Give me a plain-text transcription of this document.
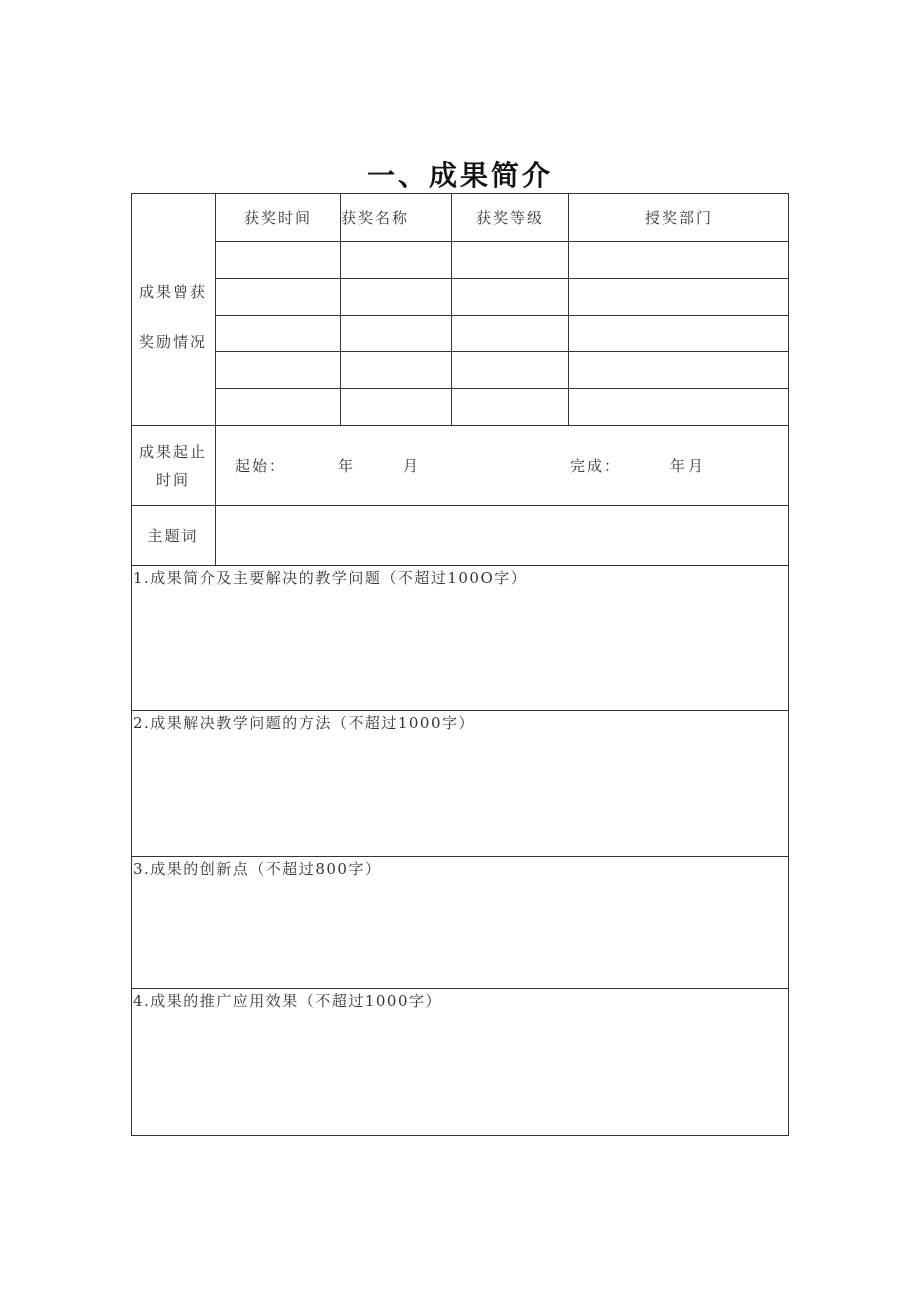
一、成果简介
成果曾获
奖励情况
获奖时间	获奖名称	获奖等级	授奖部门
成果起止
时间
起始：	年	月	完成：	年 月
主题词
1.成果简介及主要解决的教学问题（不超过100O字）
2.成果解决教学问题的方法（不超过1000字）
3.成果的创新点（不超过800字）
4.成果的推广应用效果（不超过1000字）
